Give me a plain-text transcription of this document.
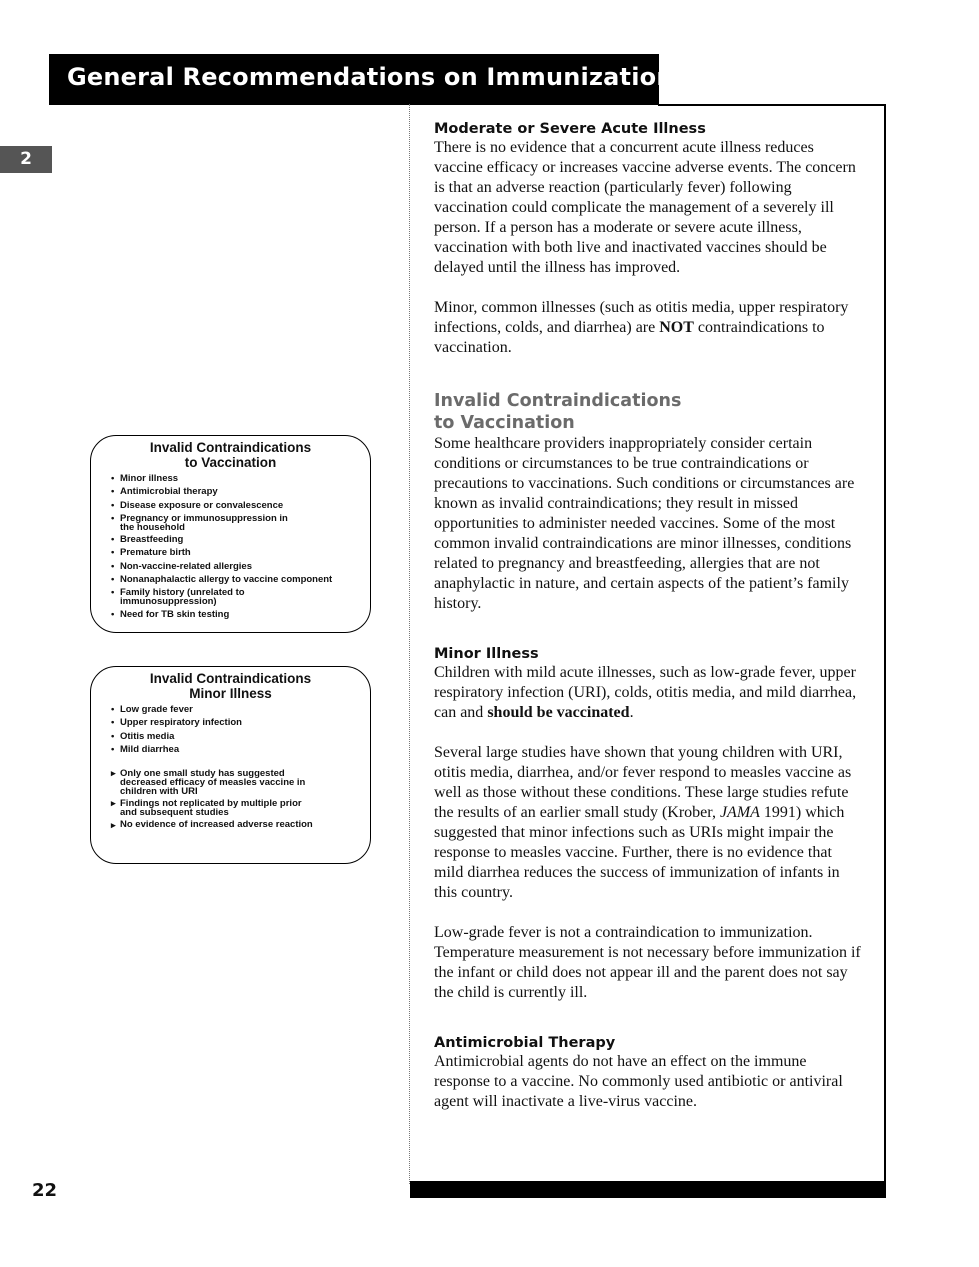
General Recommendations on Immunization
2
22
Invalid Contraindications
to Vaccination
• Minor illness
• Antimicrobial therapy
• Disease exposure or convalescence
• Pregnancy or immunosuppression in the household
• Breastfeeding
• Premature birth
• Non-vaccine-related allergies
• Nonanaphalactic allergy to vaccine component
• Family history (unrelated to immunosuppression)
• Need for TB skin testing
Invalid Contraindications
Minor Illness
• Low grade fever
• Upper respiratory infection
• Otitis media
• Mild diarrhea
▸ Only one small study has suggested decreased efficacy of measles vaccine in children with URI
▸ Findings not replicated by multiple prior and subsequent studies
▸ No evidence of increased adverse reaction
Moderate or Severe Acute Illness

There is no evidence that a concurrent acute illness reduces vaccine efficacy or increases vaccine adverse events. The concern is that an adverse reaction (particularly fever) following vaccination could complicate the management of a severely ill person. If a person has a moderate or severe acute illness, vaccination with both live and inactivated vaccines should be delayed until the illness has improved.

Minor, common illnesses (such as otitis media, upper respiratory infections, colds, and diarrhea) are NOT contraindications to vaccination.

Invalid Contraindications
to Vaccination

Some healthcare providers inappropriately consider certain conditions or circumstances to be true contraindications or precautions to vaccinations. Such conditions or circumstances are known as invalid contraindications; they result in missed opportunities to administer needed vaccines. Some of the most common invalid contraindications are minor illnesses, conditions related to pregnancy and breastfeeding, allergies that are not anaphylactic in nature, and certain aspects of the patient’s family history.

Minor Illness

Children with mild acute illnesses, such as low-grade fever, upper respiratory infection (URI), colds, otitis media, and mild diarrhea, can and should be vaccinated.

Several large studies have shown that young children with URI, otitis media, diarrhea, and/or fever respond to measles vaccine as well as those without these conditions. These large studies refute the results of an earlier small study (Krober, JAMA 1991) which suggested that minor infections such as URIs might impair the response to measles vaccine. Further, there is no evidence that mild diarrhea reduces the success of immunization of infants in this country.

Low-grade fever is not a contraindication to immunization. Temperature measurement is not necessary before immunization if the infant or child does not appear ill and the parent does not say the child is currently ill.

Antimicrobial Therapy

Antimicrobial agents do not have an effect on the immune response to a vaccine. No commonly used antibiotic or antiviral agent will inactivate a live-virus vaccine.
